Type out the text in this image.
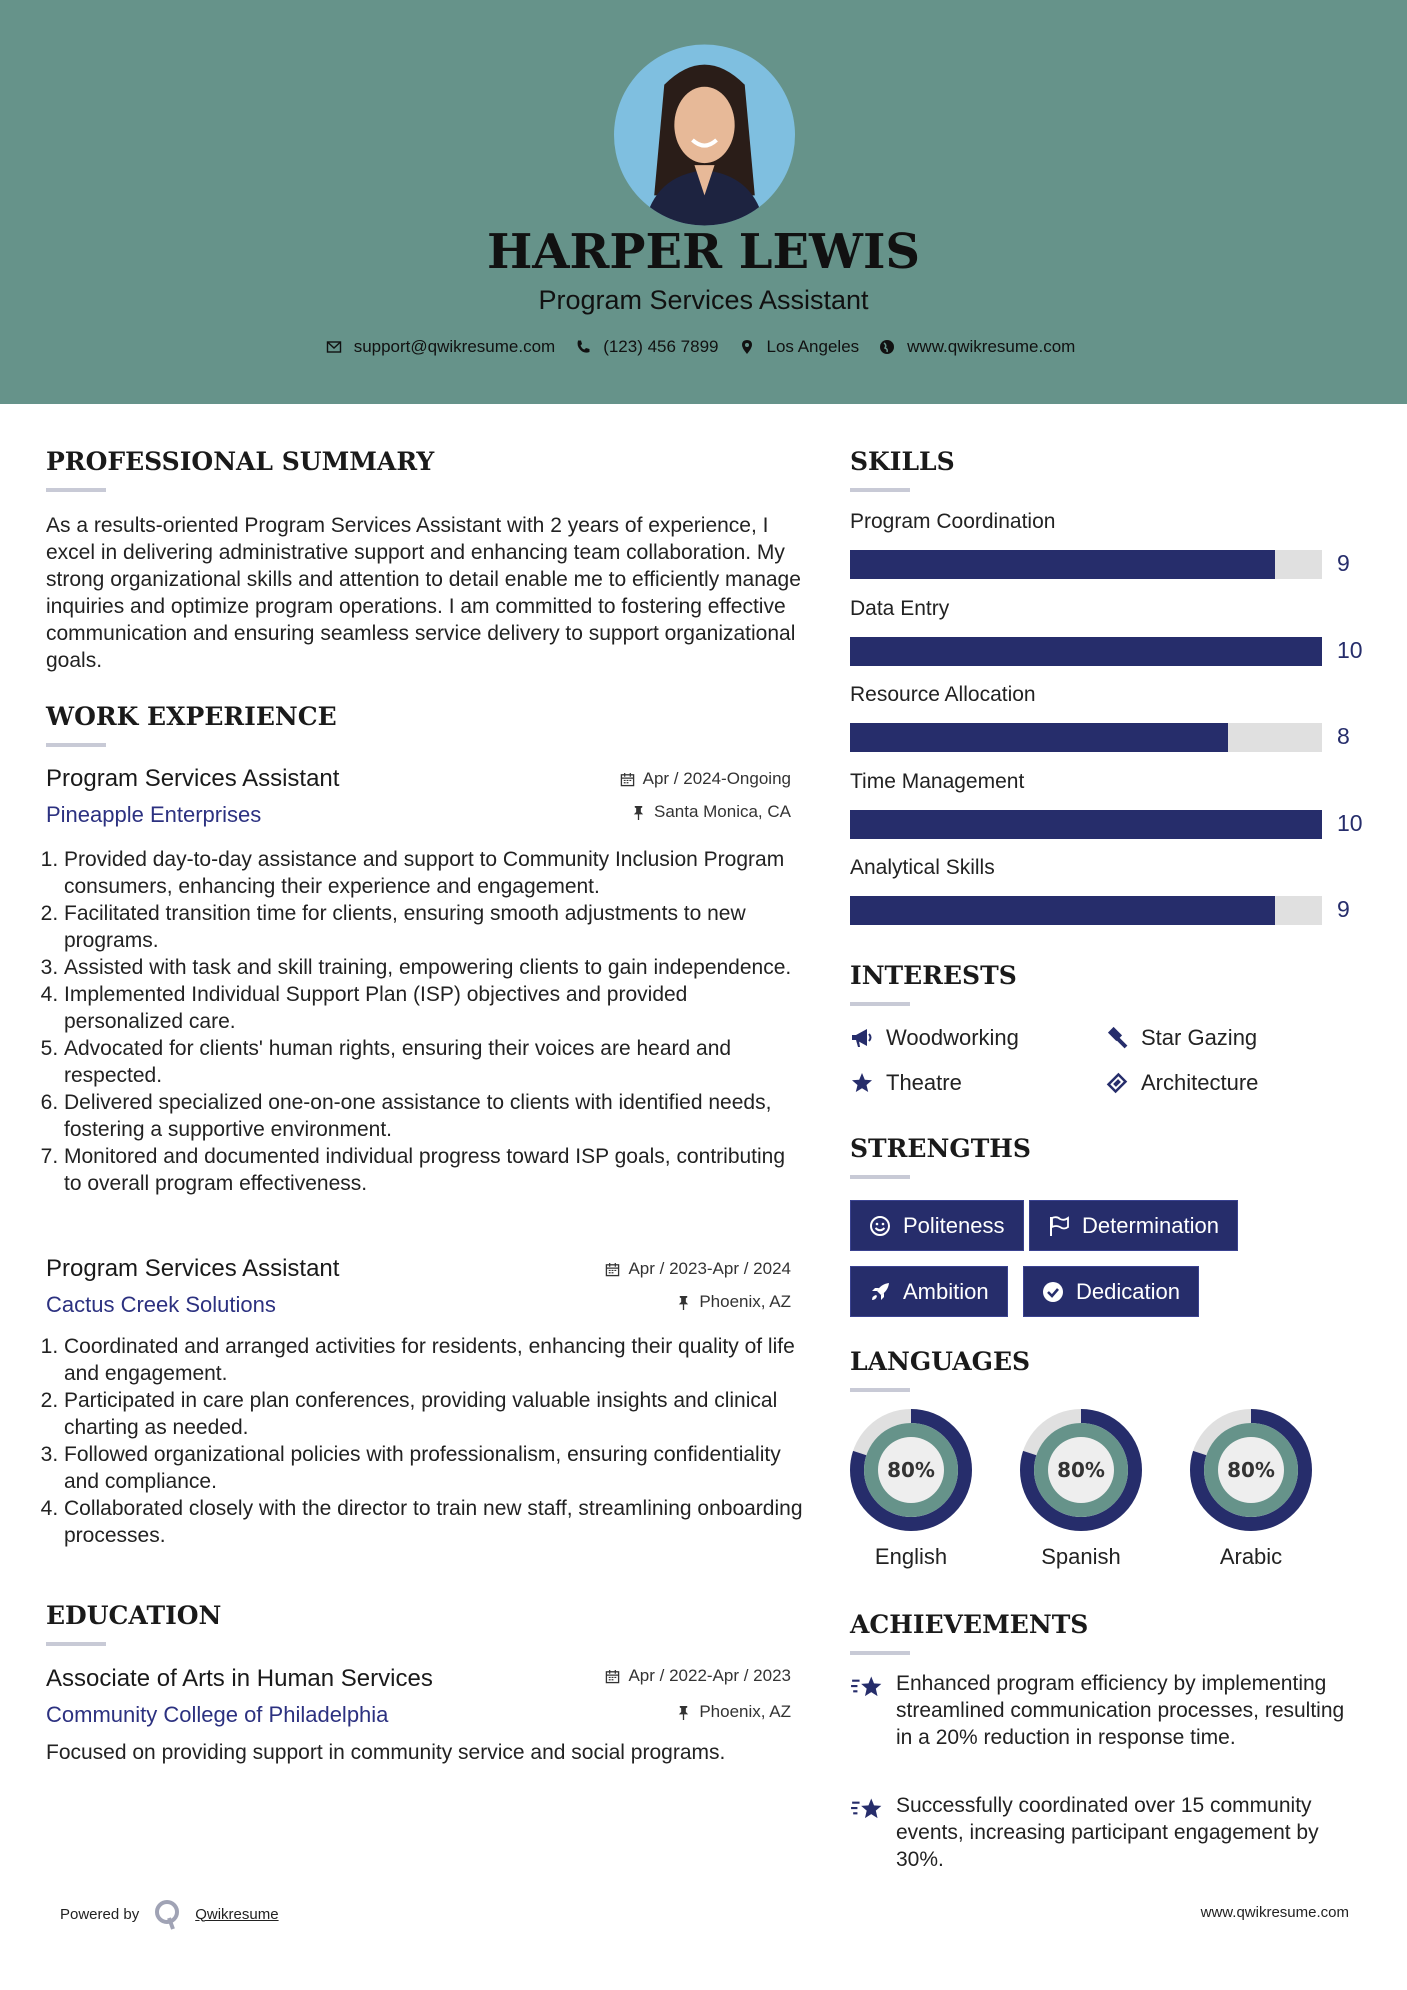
HARPER LEWIS
Program Services Assistant
support@qwikresume.com	(123) 456 7899	Los Angeles	www.qwikresume.com
PROFESSIONAL SUMMARY
As a results-oriented Program Services Assistant with 2 years of experience, I excel in delivering administrative support and enhancing team collaboration. My strong organizational skills and attention to detail enable me to efficiently manage inquiries and optimize program operations. I am committed to fostering effective communication and ensuring seamless service delivery to support organizational goals.
WORK EXPERIENCE
Program Services Assistant
Pineapple Enterprises
Apr / 2024-Ongoing
Santa Monica, CA
1. Provided day-to-day assistance and support to Community Inclusion Program consumers, enhancing their experience and engagement.
2. Facilitated transition time for clients, ensuring smooth adjustments to new programs.
3. Assisted with task and skill training, empowering clients to gain independence.
4. Implemented Individual Support Plan (ISP) objectives and provided personalized care.
5. Advocated for clients' human rights, ensuring their voices are heard and respected.
6. Delivered specialized one-on-one assistance to clients with identified needs, fostering a supportive environment.
7. Monitored and documented individual progress toward ISP goals, contributing to overall program effectiveness.
Program Services Assistant
Cactus Creek Solutions
Apr / 2023-Apr / 2024
Phoenix, AZ
1. Coordinated and arranged activities for residents, enhancing their quality of life and engagement.
2. Participated in care plan conferences, providing valuable insights and clinical charting as needed.
3. Followed organizational policies with professionalism, ensuring confidentiality and compliance.
4. Collaborated closely with the director to train new staff, streamlining onboarding processes.
EDUCATION
Associate of Arts in Human Services
Community College of Philadelphia
Apr / 2022-Apr / 2023
Phoenix, AZ
Focused on providing support in community service and social programs.
SKILLS
Program Coordination
9
Data Entry
10
Resource Allocation
8
Time Management
10
Analytical Skills
9
INTERESTS
Woodworking	Star Gazing
Theatre	Architecture
STRENGTHS
Politeness	Determination
Ambition	Dedication
LANGUAGES
80%
English
80%
Spanish
80%
Arabic
ACHIEVEMENTS
Enhanced program efficiency by implementing streamlined communication processes, resulting in a 20% reduction in response time.
Successfully coordinated over 15 community events, increasing participant engagement by 30%.
Powered by	Qwikresume	www.qwikresume.com
